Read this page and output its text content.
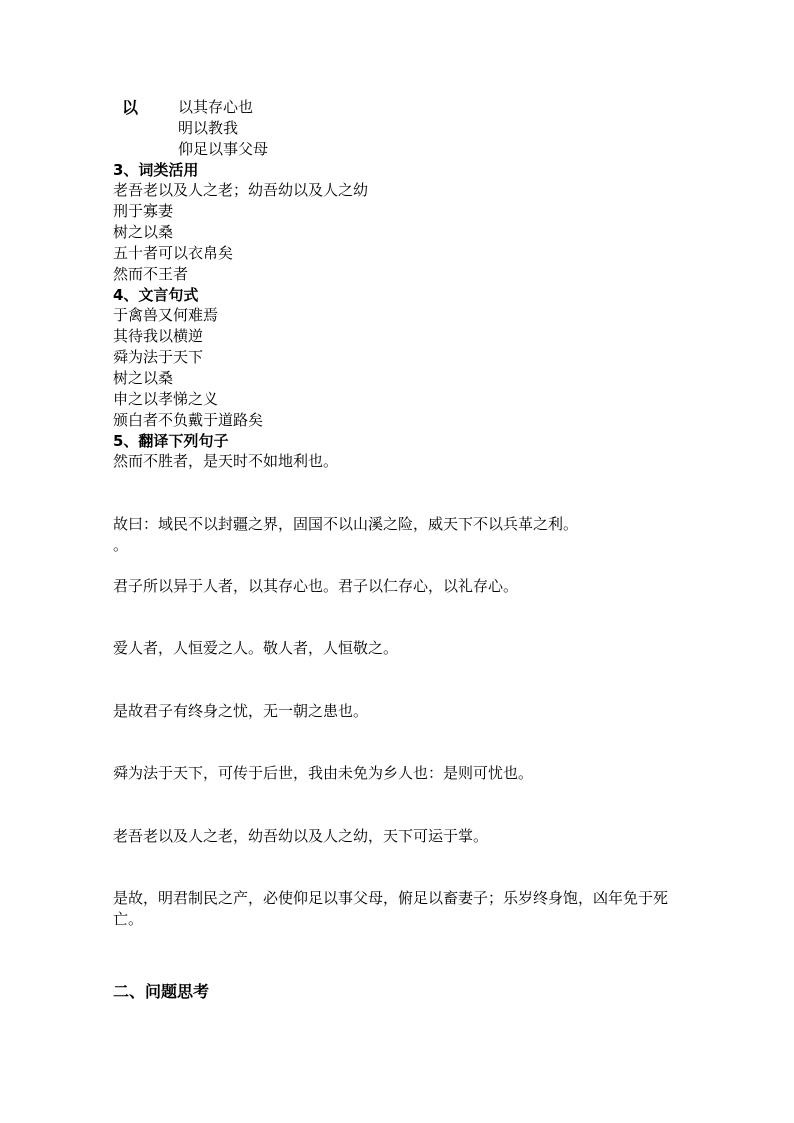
以	以其存心也
明以教我
仰足以事父母
3、词类活用
老吾老以及人之老；幼吾幼以及人之幼
刑于寡妻
树之以桑
五十者可以衣帛矣
然而不王者
4、文言句式
于禽兽又何难焉
其待我以横逆
舜为法于天下
树之以桑
申之以孝悌之义
颁白者不负戴于道路矣
5、翻译下列句子
然而不胜者，是天时不如地利也。
故曰：域民不以封疆之界，固国不以山溪之险，威天下不以兵革之利。
。
君子所以异于人者，以其存心也。君子以仁存心，以礼存心。
爱人者，人恒爱之人。敬人者，人恒敬之。
是故君子有终身之忧，无一朝之患也。
舜为法于天下，可传于后世，我由未免为乡人也：是则可忧也。
老吾老以及人之老，幼吾幼以及人之幼，天下可运于掌。
是故，明君制民之产，必使仰足以事父母，俯足以畜妻子；乐岁终身饱，凶年免于死亡。
二、问题思考
